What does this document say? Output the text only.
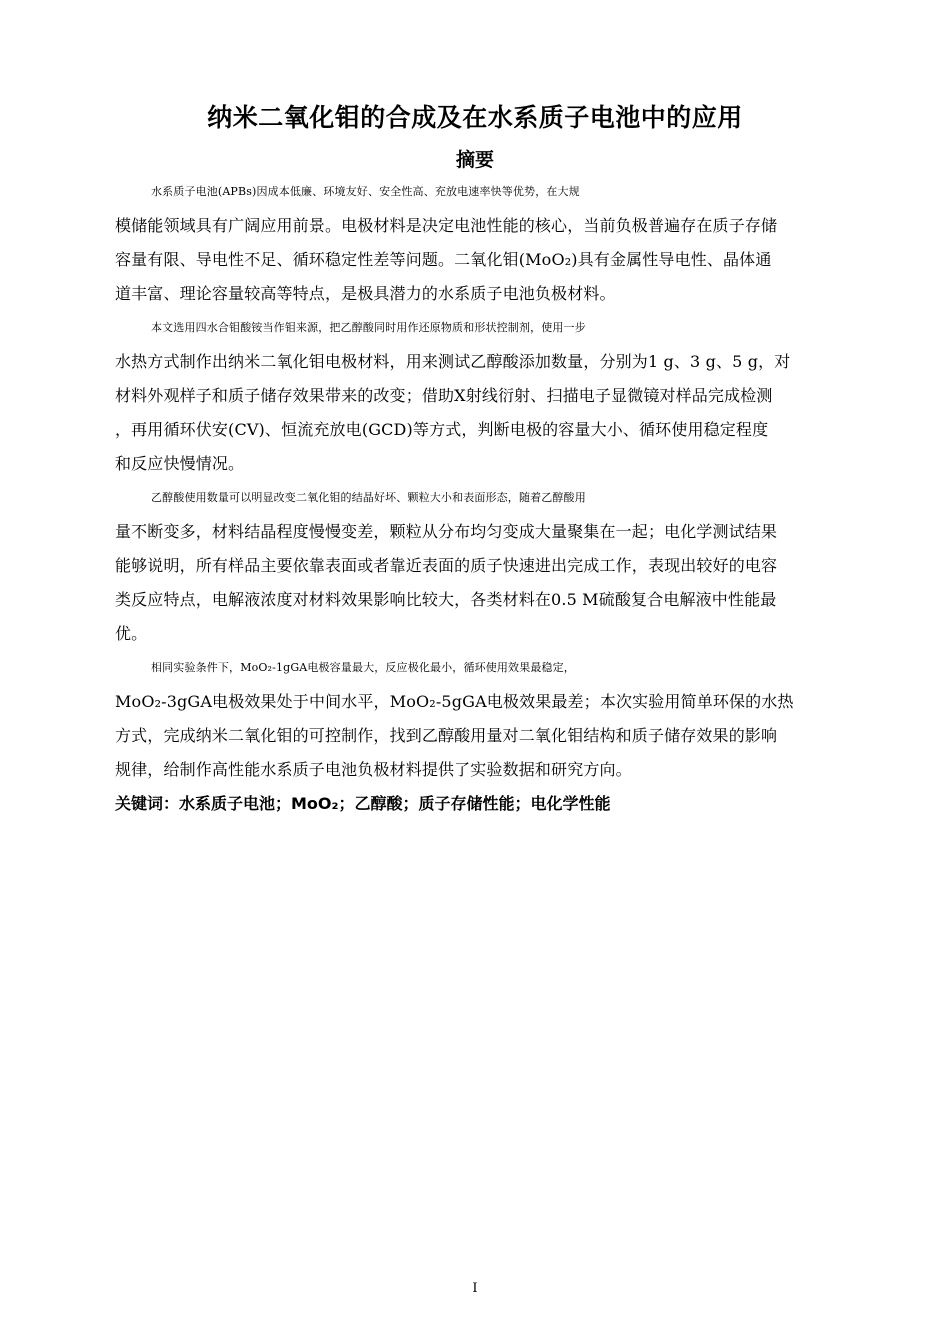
纳米二氧化钼的合成及在水系质子电池中的应用
摘要

水系质子电池(APBs)因成本低廉、环境友好、安全性高、充放电速率快等优势，在大规
模储能领域具有广阔应用前景。电极材料是决定电池性能的核心，当前负极普遍存在质子存储
容量有限、导电性不足、循环稳定性差等问题。二氧化钼(MoO₂)具有金属性导电性、晶体通
道丰富、理论容量较高等特点，是极具潜力的水系质子电池负极材料。

本文选用四水合钼酸铵当作钼来源，把乙醇酸同时用作还原物质和形状控制剂，使用一步
水热方式制作出纳米二氧化钼电极材料，用来测试乙醇酸添加数量，分别为1 g、3 g、5 g，对
材料外观样子和质子储存效果带来的改变；借助X射线衍射、扫描电子显微镜对样品完成检测
，再用循环伏安(CV)、恒流充放电(GCD)等方式，判断电极的容量大小、循环使用稳定程度
和反应快慢情况。

乙醇酸使用数量可以明显改变二氧化钼的结晶好坏、颗粒大小和表面形态，随着乙醇酸用
量不断变多，材料结晶程度慢慢变差，颗粒从分布均匀变成大量聚集在一起；电化学测试结果
能够说明，所有样品主要依靠表面或者靠近表面的质子快速进出完成工作，表现出较好的电容
类反应特点，电解液浓度对材料效果影响比较大，各类材料在0.5 M硫酸复合电解液中性能最
优。

相同实验条件下，MoO₂-1gGA电极容量最大，反应极化最小，循环使用效果最稳定，
MoO₂-3gGA电极效果处于中间水平，MoO₂-5gGA电极效果最差；本次实验用简单环保的水热
方式，完成纳米二氧化钼的可控制作，找到乙醇酸用量对二氧化钼结构和质子储存效果的影响
规律，给制作高性能水系质子电池负极材料提供了实验数据和研究方向。

关键词：水系质子电池；MoO₂；乙醇酸；质子存储性能；电化学性能

I
